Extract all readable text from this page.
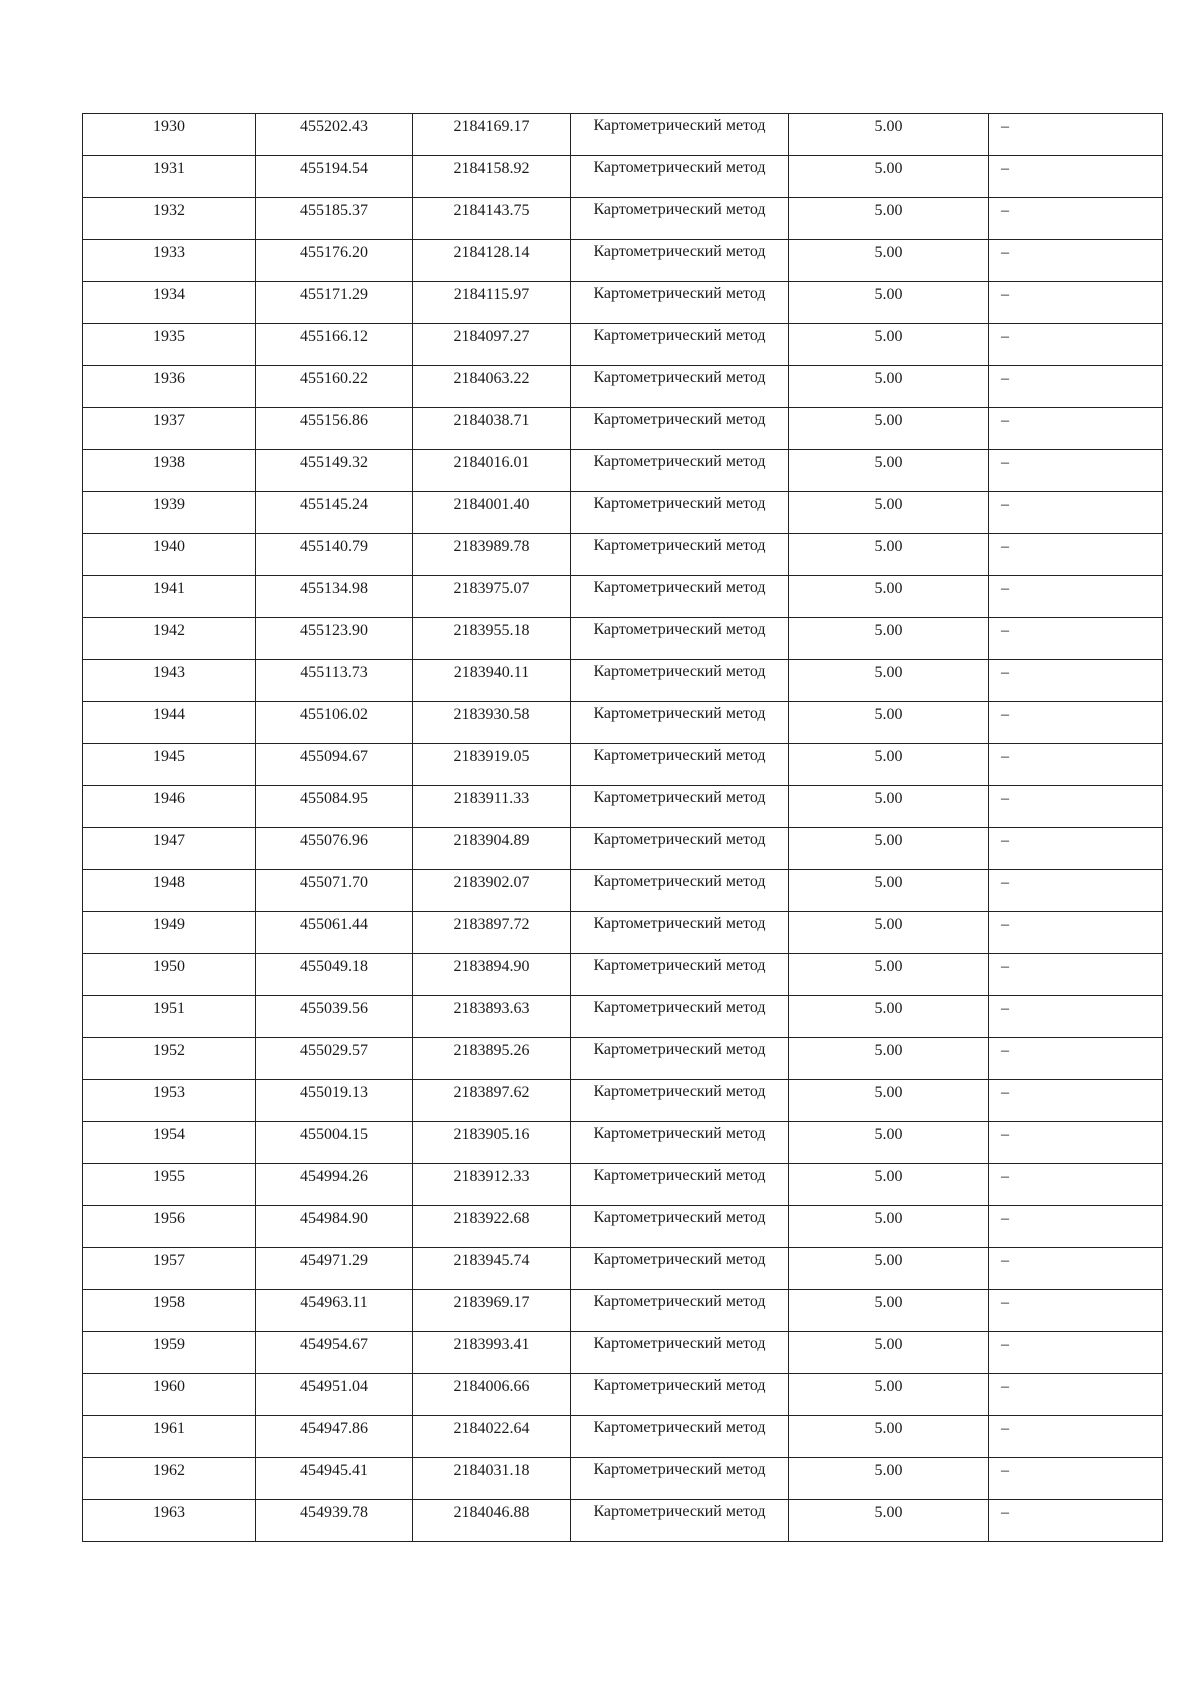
1930	455202.43	2184169.17	Картометрический метод	5.00	–

1931	455194.54	2184158.92	Картометрический метод	5.00	–

1932	455185.37	2184143.75	Картометрический метод	5.00	–

1933	455176.20	2184128.14	Картометрический метод	5.00	–

1934	455171.29	2184115.97	Картометрический метод	5.00	–

1935	455166.12	2184097.27	Картометрический метод	5.00	–

1936	455160.22	2184063.22	Картометрический метод	5.00	–

1937	455156.86	2184038.71	Картометрический метод	5.00	–

1938	455149.32	2184016.01	Картометрический метод	5.00	–

1939	455145.24	2184001.40	Картометрический метод	5.00	–

1940	455140.79	2183989.78	Картометрический метод	5.00	–

1941	455134.98	2183975.07	Картометрический метод	5.00	–

1942	455123.90	2183955.18	Картометрический метод	5.00	–

1943	455113.73	2183940.11	Картометрический метод	5.00	–

1944	455106.02	2183930.58	Картометрический метод	5.00	–

1945	455094.67	2183919.05	Картометрический метод	5.00	–

1946	455084.95	2183911.33	Картометрический метод	5.00	–

1947	455076.96	2183904.89	Картометрический метод	5.00	–

1948	455071.70	2183902.07	Картометрический метод	5.00	–

1949	455061.44	2183897.72	Картометрический метод	5.00	–

1950	455049.18	2183894.90	Картометрический метод	5.00	–

1951	455039.56	2183893.63	Картометрический метод	5.00	–

1952	455029.57	2183895.26	Картометрический метод	5.00	–

1953	455019.13	2183897.62	Картометрический метод	5.00	–

1954	455004.15	2183905.16	Картометрический метод	5.00	–

1955	454994.26	2183912.33	Картометрический метод	5.00	–

1956	454984.90	2183922.68	Картометрический метод	5.00	–

1957	454971.29	2183945.74	Картометрический метод	5.00	–

1958	454963.11	2183969.17	Картометрический метод	5.00	–

1959	454954.67	2183993.41	Картометрический метод	5.00	–

1960	454951.04	2184006.66	Картометрический метод	5.00	–

1961	454947.86	2184022.64	Картометрический метод	5.00	–

1962	454945.41	2184031.18	Картометрический метод	5.00	–

1963	454939.78	2184046.88	Картометрический метод	5.00	–
